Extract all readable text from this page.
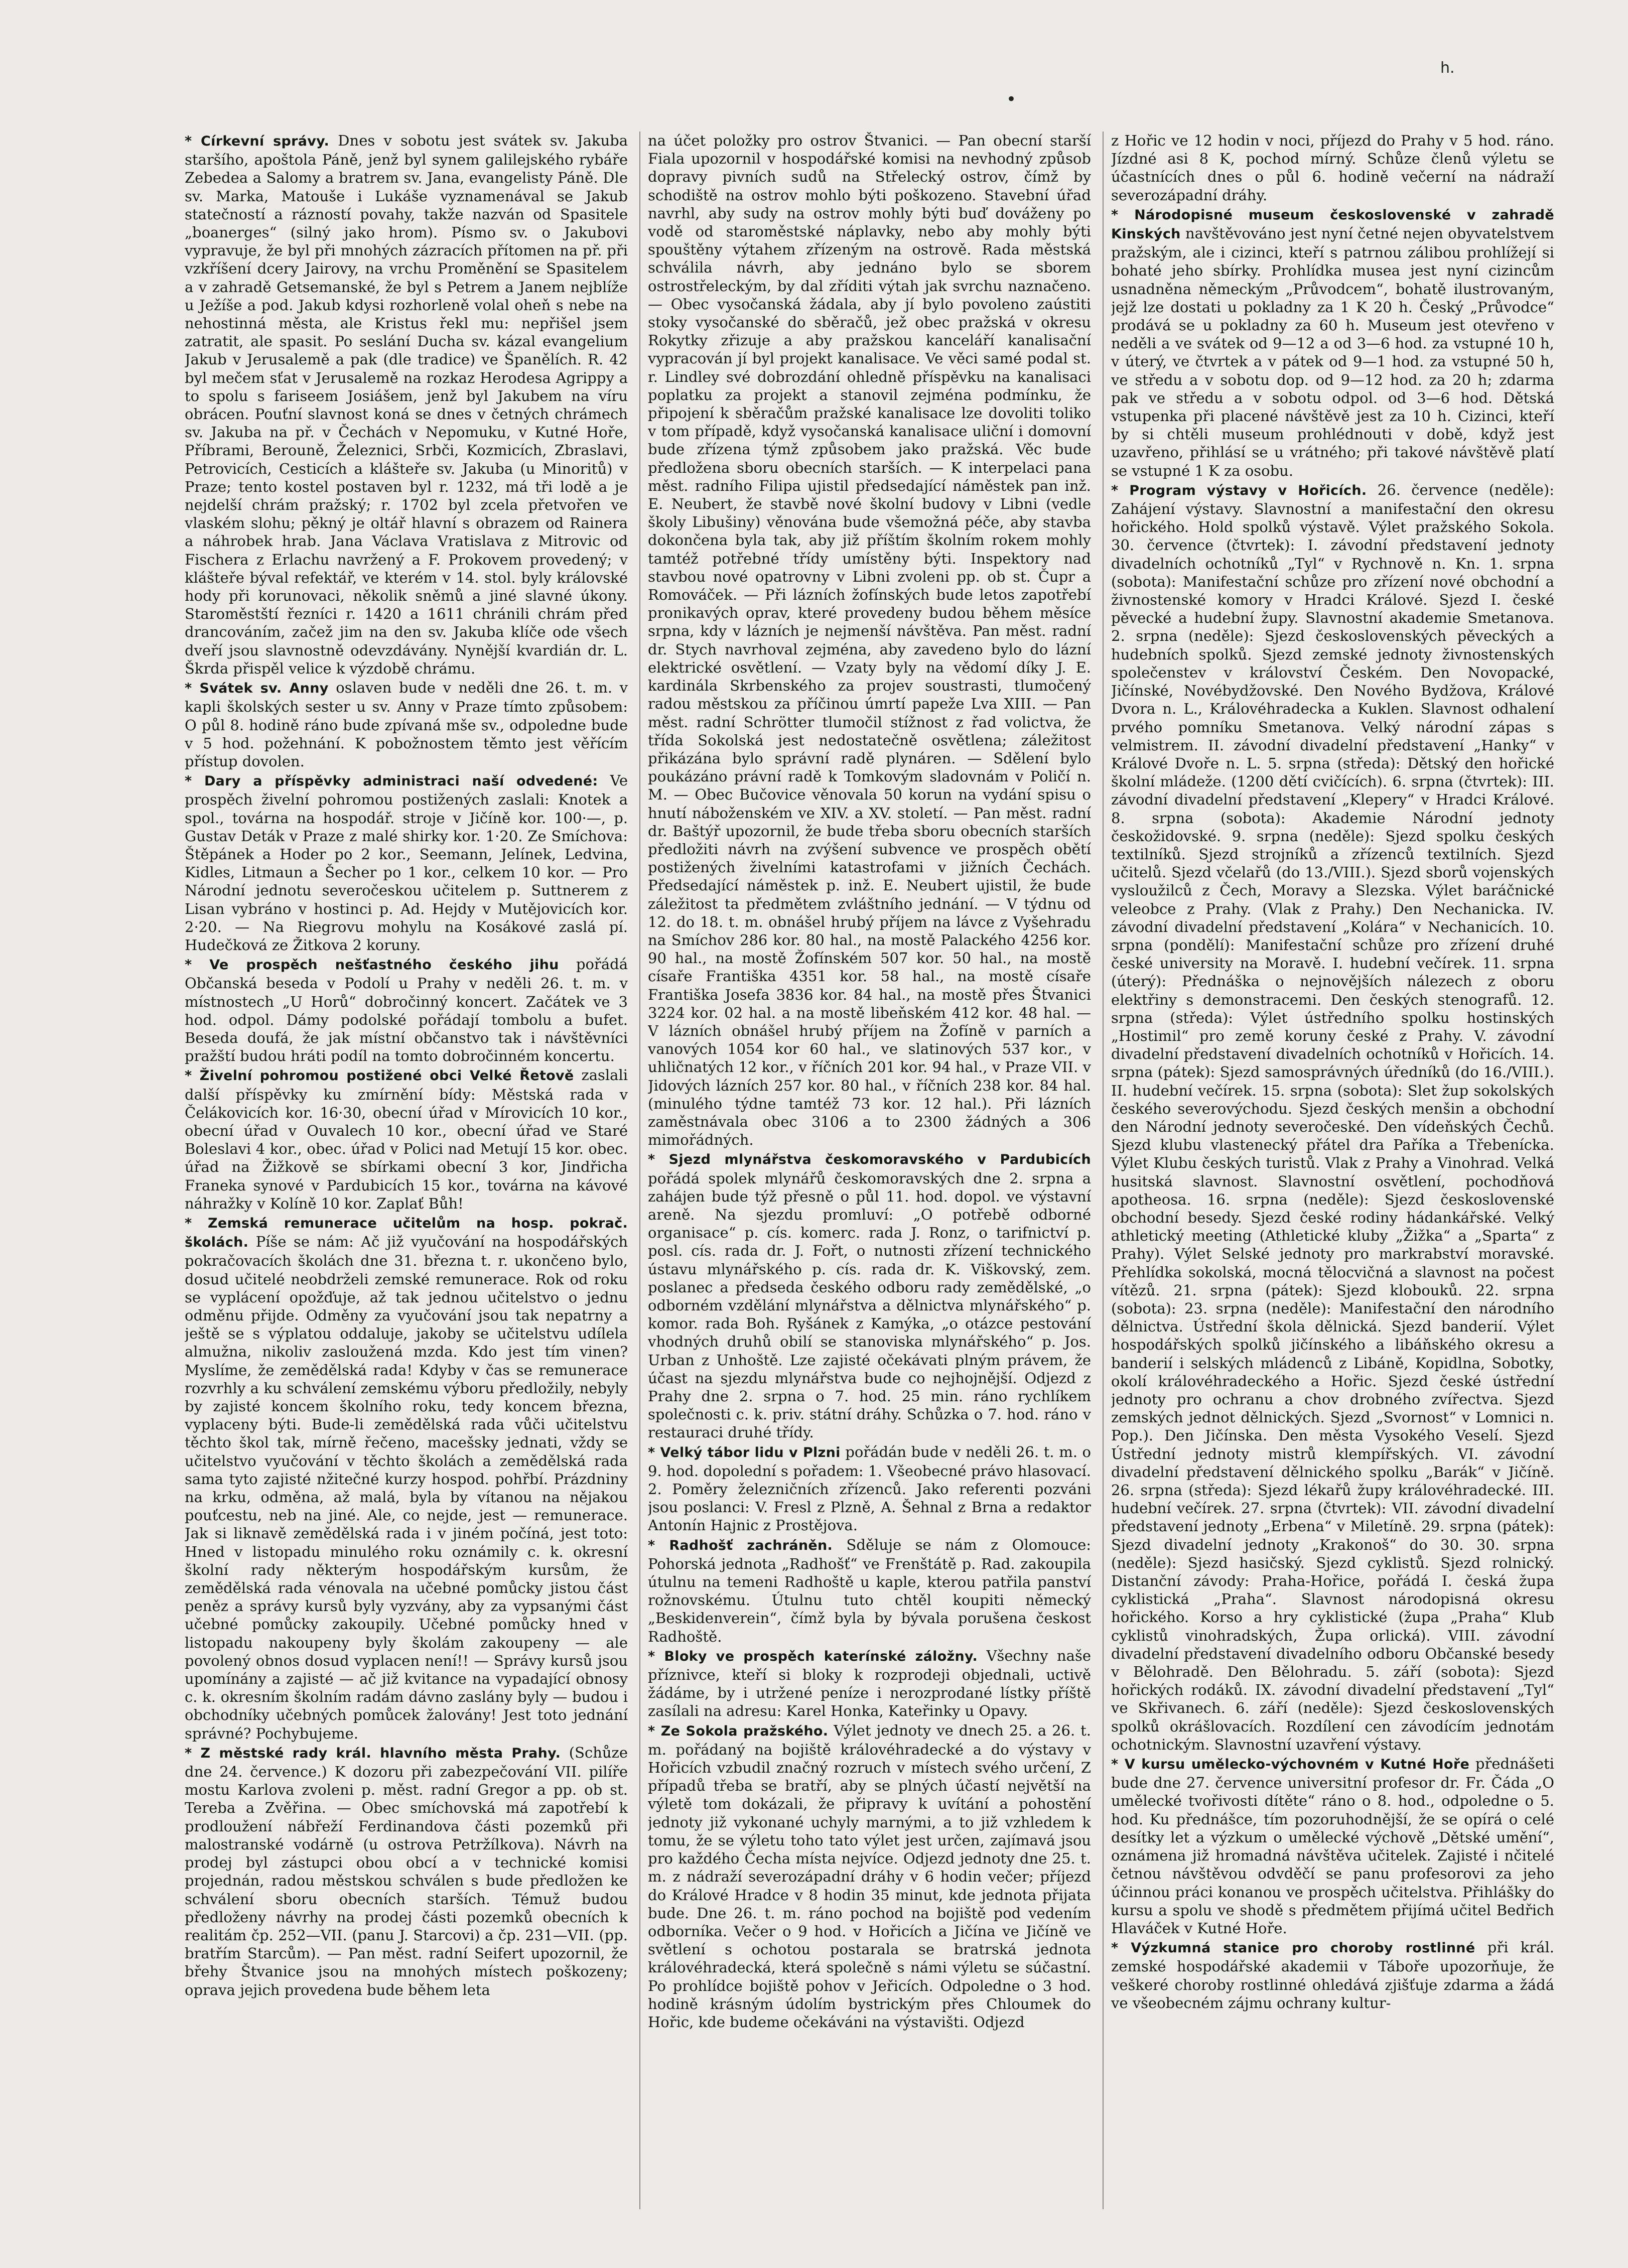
•
h.

* Církevní správy. Dnes v sobotu jest svátek sv. Jakuba staršího, apoštola Páně, jenž byl synem galilejského rybáře Zebedea a Salomy a bratrem sv. Jana, evangelisty Páně. Dle sv. Marka, Matouše i Lukáše vyznamenával se Jakub statečností a rázností povahy, takže nazván od Spasitele „boanerges“ (silný jako hrom). Písmo sv. o Jakubovi vypravuje, že byl při mnohých zázracích přítomen na př. při vzkříšení dcery Jairovy, na vrchu Proměnění se Spasitelem a v zahradě Getsemanské, že byl s Petrem a Janem nejblíže u Ježíše a pod. Jakub kdysi rozhorleně volal oheň s nebe na nehostinná města, ale Kristus řekl mu: nepřišel jsem zatratit, ale spasit. Po seslání Ducha sv. kázal evangelium Jakub v Jerusalemě a pak (dle tradice) ve Španělích. R. 42 byl mečem sťat v Jerusalemě na rozkaz Herodesa Agrippy a to spolu s fariseem Josiášem, jenž byl Jakubem na víru obrácen. Pouťní slavnost koná se dnes v četných chrámech sv. Jakuba na př. v Čechách v Nepomuku, v Kutné Hoře, Příbrami, Berouně, Železnici, Srbči, Kozmicích, Zbraslavi, Petrovicích, Cesticích a klášteře sv. Jakuba (u Minoritů) v Praze; tento kostel postaven byl r. 1232, má tři lodě a je nejdelší chrám pražský; r. 1702 byl zcela přetvořen ve vlaském slohu; pěkný je oltář hlavní s obrazem od Rainera a náhrobek hrab. Jana Václava Vratislava z Mitrovic od Fischera z Erlachu navržený a F. Prokovem provedený; v klášteře býval refektář, ve kterém v 14. stol. byly královské hody při korunovaci, několik sněmů a jiné slavné úkony. Staroměstští řezníci r. 1420 a 1611 chránili chrám před drancováním, začež jim na den sv. Jakuba klíče ode všech dveří jsou slavnostně odevzdávány. Nynější kvardián dr. L. Škrda přispěl velice k výzdobě chrámu.

* Svátek sv. Anny oslaven bude v neděli dne 26. t. m. v kapli školských sester u sv. Anny v Praze tímto způsobem: O půl 8. hodině ráno bude zpívaná mše sv., odpoledne bude v 5 hod. požehnání. K pobožnostem těmto jest věřícím přístup dovolen.

* Dary a příspěvky administraci naší odvedené: Ve prospěch živelní pohromou postižených zaslali: Knotek a spol., továrna na hospodář. stroje v Jičíně kor. 100·—, p. Gustav Deták v Praze z malé shirky kor. 1·20. Ze Smíchova: Štěpánek a Hoder po 2 kor., Seemann, Jelínek, Ledvina, Kidles, Litmaun a Šecher po 1 kor., celkem 10 kor. — Pro Národní jednotu severočeskou učitelem p. Suttnerem z Lisan vybráno v hostinci p. Ad. Hejdy v Mutějovicích kor. 2·20. — Na Riegrovu mohylu na Kosákové zaslá pí. Hudečková ze Žitkova 2 koruny.

* Ve prospěch nešťastného českého jihu pořádá Občanská beseda v Podolí u Prahy v neděli 26. t. m. v místnostech „U Horů“ dobročinný koncert. Začátek ve 3 hod. odpol. Dámy podolské pořádají tombolu a bufet. Beseda doufá, že jak místní občanstvo tak i návštěvníci pražští budou hráti podíl na tomto dobročinném koncertu.

* Živelní pohromou postižené obci Velké Řetově zaslali další příspěvky ku zmírnění bídy: Městská rada v Čelákovicích kor. 16·30, obecní úřad v Mírovicích 10 kor., obecní úřad v Ouvalech 10 kor., obecní úřad ve Staré Boleslavi 4 kor., obec. úřad v Polici nad Metují 15 kor. obec. úřad na Žižkově se sbírkami obecní 3 kor, Jindřicha Franeka synové v Pardubicích 15 kor., továrna na kávové náhražky v Kolíně 10 kor. Zaplať Bůh!

* Zemská remunerace učitelům na hosp. pokrač. školách. Píše se nám: Ač již vyučování na hospodářských pokračovacích školách dne 31. března t. r. ukončeno bylo, dosud učitelé neobdrželi zemské remunerace. Rok od roku se vyplácení opožďuje, až tak jednou učitelstvo o jednu odměnu přijde. Odměny za vyučování jsou tak nepatrny a ještě se s výplatou oddaluje, jakoby se učitelstvu udílela almužna, nikoliv zasloužená mzda. Kdo jest tím vinen? Myslíme, že zemědělská rada! Kdyby v čas se remunerace rozvrhly a ku schválení zemskému výboru předložily, nebyly by zajisté koncem školního roku, tedy koncem března, vyplaceny býti. Bude-li zemědělská rada vůči učitelstvu těchto škol tak, mírně řečeno, macešsky jednati, vždy se učitelstvo vyučování v těchto školách a zemědělská rada sama tyto zajisté nžitečné kurzy hospod. pohřbí. Prázdniny na krku, odměna, až malá, byla by vítanou na nějakou pouťcestu, neb na jiné. Ale, co nejde, jest — remunerace. Jak si liknavě zemědělská rada i v jiném počíná, jest toto: Hned v listopadu minulého roku oznámily c. k. okresní školní rady některým hospodářským kursům, že zemědělská rada vénovala na učebné pomůcky jistou část peněz a správy kursů byly vyzvány, aby za vypsanými část učebné pomůcky zakoupily. Učebné pomůcky hned v listopadu nakoupeny byly školám zakoupeny — ale povolený obnos dosud vyplacen není!! — Správy kursů jsou upomínány a zajisté — ač již kvitance na vypadající obnosy c. k. okresním školním radám dávno zaslány byly — budou i obchodníky učebných pomůcek žalovány! Jest toto jednání správné? Pochybujeme.

* Z městské rady král. hlavního města Prahy. (Schůze dne 24. července.) K dozoru při zabezpečování VII. pilíře mostu Karlova zvoleni p. měst. radní Gregor a pp. ob st. Tereba a Zvěřina. — Obec smíchovská má zapotřebí k prodloužení nábřeží Ferdinandova části pozemků při malostranské vodárně (u ostrova Petržílkova). Návrh na prodej byl zástupci obou obcí a v technické komisi projednán, radou městskou schválen s bude předložen ke schválení sboru obecních starších. Témuž budou předloženy návrhy na prodej části pozemků obecních k realitám čp. 252—VII. (panu J. Starcovi) a čp. 231—VII. (pp. bratřím Starcům). — Pan měst. radní Seifert upozornil, že břehy Štvanice jsou na mnohých místech poškozeny; oprava jejich provedena bude během leta

na účet položky pro ostrov Štvanici. — Pan obecní starší Fiala upozornil v hospodářské komisi na nevhodný způsob dopravy pivních sudů na Střelecký ostrov, čímž by schodiště na ostrov mohlo býti poškozeno. Stavební úřad navrhl, aby sudy na ostrov mohly býti buď dováženy po vodě od staroměstské náplavky, nebo aby mohly býti spouštěny výtahem zřízeným na ostrově. Rada městská schválila návrh, aby jednáno bylo se sborem ostrostřeleckým, by dal zříditi výtah jak svrchu naznačeno. — Obec vysočanská žádala, aby jí bylo povoleno zaústiti stoky vysočanské do sběračů, jež obec pražská v okresu Rokytky zřizuje a aby pražskou kanceláří kanalisační vypracován jí byl projekt kanalisace. Ve věci samé podal st. r. Lindley své dobrozdání ohledně příspěvku na kanalisaci poplatku za projekt a stanovil zejména podmínku, že připojení k sběračům pražské kanalisace lze dovoliti toliko v tom případě, když vysočanská kanalisace uliční i domovní bude zřízena týmž způsobem jako pražská. Věc bude předložena sboru obecních starších. — K interpelaci pana měst. radního Filipa ujistil předsedající náměstek pan inž. E. Neubert, že stavbě nové školní budovy v Libni (vedle školy Libušiny) věnována bude všemožná péče, aby stavba dokončena byla tak, aby již příštím školním rokem mohly tamtéž potřebné třídy umístěny býti. Inspektory nad stavbou nové opatrovny v Libni zvoleni pp. ob st. Čupr a Romováček. — Při lázních žofínských bude letos zapotřebí pronikavých oprav, které provedeny budou během měsíce srpna, kdy v lázních je nejmenší návštěva. Pan měst. radní dr. Stych navrhoval zejména, aby zavedeno bylo do lázní elektrické osvětlení. — Vzaty byly na vědomí díky J. E. kardinála Skrbenského za projev soustrasti, tlumočený radou městskou za příčinou úmrtí papeže Lva XIII. — Pan měst. radní Schrötter tlumočil stížnost z řad volictva, že třída Sokolská jest nedostatečně osvětlena; záležitost přikázána bylo správní radě plynáren. — Sdělení bylo poukázáno právní radě k Tomkovým sladovnám v Poličí n. M. — Obec Bučovice věnovala 50 korun na vydání spisu o hnutí náboženském ve XIV. a XV. století. — Pan měst. radní dr. Baštýř upozornil, že bude třeba sboru obecních starších předložiti návrh na zvýšení subvence ve prospěch obětí postižených živelními katastrofami v jižních Čechách. Předsedající náměstek p. inž. E. Neubert ujistil, že bude záležitost ta předmětem zvláštního jednání. — V týdnu od 12. do 18. t. m. obnášel hrubý příjem na lávce z Vyšehradu na Smíchov 286 kor. 80 hal., na mostě Palackého 4256 kor. 90 hal., na mostě Žofínském 507 kor. 50 hal., na mostě císaře Františka 4351 kor. 58 hal., na mostě císaře Františka Josefa 3836 kor. 84 hal., na mostě přes Štvanici 3224 kor. 02 hal. a na mostě libeňském 412 kor. 48 hal. — V lázních obnášel hrubý příjem na Žofíně v parních a vanových 1054 kor 60 hal., ve slatinových 537 kor., v uhličnatých 12 kor., v říčních 201 kor. 94 hal., v Praze VII. v Jidových lázních 257 kor. 80 hal., v říčních 238 kor. 84 hal. (minulého týdne tamtéž 73 kor. 12 hal.). Při lázních zaměstnávala obec 3106 a to 2300 žádných a 306 mimořádných.

* Sjezd mlynářstva českomoravského v Pardubicích pořádá spolek mlynářů českomoravských dne 2. srpna a zahájen bude týž přesně o půl 11. hod. dopol. ve výstavní areně. Na sjezdu promluví: „O potřebě odborné organisace“ p. cís. komerc. rada J. Ronz, o tarifnictví p. posl. cís. rada dr. J. Fořt, o nutnosti zřízení technického ústavu mlynářského p. cís. rada dr. K. Viškovský, zem. poslanec a předseda českého odboru rady zemědělské, „o odborném vzdělání mlynářstva a dělnictva mlynářského“ p. komor. rada Boh. Ryšánek z Kamýka, „o otázce pestování vhodných druhů obilí se stanoviska mlynářského“ p. Jos. Urban z Unhoště. Lze zajisté očekávati plným právem, že účast na sjezdu mlynářstva bude co nejhojnější. Odjezd z Prahy dne 2. srpna o 7. hod. 25 min. ráno rychlíkem společnosti c. k. priv. státní dráhy. Schůzka o 7. hod. ráno v restauraci druhé třídy.

* Velký tábor lidu v Plzni pořádán bude v neděli 26. t. m. o 9. hod. dopolední s pořadem: 1. Všeobecné právo hlasovací. 2. Poměry železničních zřízenců. Jako referenti pozváni jsou poslanci: V. Fresl z Plzně, A. Šehnal z Brna a redaktor Antonín Hajnic z Prostějova.

* Radhošť zachráněn. Sděluje se nám z Olomouce: Pohorská jednota „Radhošť“ ve Frenštátě p. Rad. zakoupila útulnu na temeni Radhoště u kaple, kterou patřila panství rožnovskému. Útulnu tuto chtěl koupiti německý „Beskidenverein“, čímž byla by bývala porušena českost Radhoště.

* Bloky ve prospěch katerínské záložny. Všechny naše příznivce, kteří si bloky k rozprodeji objednali, uctivě žádáme, by i utržené peníze i nerozprodané lístky příště zasílali na adresu: Karel Honka, Kateřinky u Opavy.

* Ze Sokola pražského. Výlet jednoty ve dnech 25. a 26. t. m. pořádaný na bojiště královéhradecké a do výstavy v Hořicích vzbudil značný rozruch v místech svého určení, Z případů třeba se bratří, aby se plných účastí největší na výletě tom dokázali, že připravy k uvítání a pohostění jednoty již vykonané uchyly marnými, a to již vzhledem k tomu, že se výletu toho tato výlet jest určen, zajímavá jsou pro každého Čecha místa nejvíce. Odjezd jednoty dne 25. t. m. z nádraží severozápadní dráhy v 6 hodin večer; příjezd do Králové Hradce v 8 hodin 35 minut, kde jednota přijata bude. Dne 26. t. m. ráno pochod na bojiště pod vedením odborníka. Večer o 9 hod. v Hořicích a Jičína ve Jičíně ve světlení s ochotou postarala se bratrská jednota královéhradecká, která společně s námi výletu se súčastní. Po prohlídce bojiště pohov v Jeřicích. Odpoledne o 3 hod. hodině krásným údolím bystrickým přes Chloumek do Hořic, kde budeme očekáváni na výstavišti. Odjezd

z Hořic ve 12 hodin v noci, příjezd do Prahy v 5 hod. ráno. Jízdné asi 8 K, pochod mírný. Schůze členů výletu se účastnících dnes o půl 6. hodině večerní na nádraží severozápadní dráhy.

* Národopisné museum československé v zahradě Kinských navštěvováno jest nyní četné nejen obyvatelstvem pražským, ale i cizinci, kteří s patrnou zálibou prohlížejí si bohaté jeho sbírky. Prohlídka musea jest nyní cizincům usnadněna německým „Průvodcem“, bohatě ilustrovaným, jejž lze dostati u pokladny za 1 K 20 h. Český „Průvodce“ prodává se u pokladny za 60 h. Museum jest otevřeno v neděli a ve svátek od 9—12 a od 3—6 hod. za vstupné 10 h, v úterý, ve čtvrtek a v pátek od 9—1 hod. za vstupné 50 h, ve středu a v sobotu dop. od 9—12 hod. za 20 h; zdarma pak ve středu a v sobotu odpol. od 3—6 hod. Dětská vstupenka při placené návštěvě jest za 10 h. Cizinci, kteří by si chtěli museum prohlédnouti v době, když jest uzavřeno, přihlásí se u vrátného; při takové návštěvě platí se vstupné 1 K za osobu.

* Program výstavy v Hořicích. 26. července (neděle): Zahájení výstavy. Slavnostní a manifestační den okresu hořického. Hold spolků výstavě. Výlet pražského Sokola. 30. července (čtvrtek): I. závodní představení jednoty divadelních ochotníků „Tyl“ v Rychnově n. Kn. 1. srpna (sobota): Manifestační schůze pro zřízení nové obchodní a živnostenské komory v Hradci Králové. Sjezd I. české pěvecké a hudební župy. Slavnostní akademie Smetanova. 2. srpna (neděle): Sjezd československých pěveckých a hudebních spolků. Sjezd zemské jednoty živnostenských společenstev v království Českém. Den Novopacké, Jičínské, Novébydžovské. Den Nového Bydžova, Králové Dvora n. L., Královéhradecka a Kuklen. Slavnost odhalení prvého pomníku Smetanova. Velký národní zápas s velmistrem. II. závodní divadelní představení „Hanky“ v Králové Dvoře n. L. 5. srpna (středa): Dětský den hořické školní mládeže. (1200 dětí cvičících). 6. srpna (čtvrtek): III. závodní divadelní představení „Klepery“ v Hradci Králové. 8. srpna (sobota): Akademie Národní jednoty českožidovské. 9. srpna (neděle): Sjezd spolku českých textilníků. Sjezd strojníků a zřízenců textilních. Sjezd učitelů. Sjezd včelařů (do 13./VIII.). Sjezd sborů vojenských vysloužilců z Čech, Moravy a Slezska. Výlet baráčnické veleobce z Prahy. (Vlak z Prahy.) Den Nechanicka. IV. závodní divadelní představení „Kolára“ v Nechanicích. 10. srpna (pondělí): Manifestační schůze pro zřízení druhé české university na Moravě. I. hudební večírek. 11. srpna (úterý): Přednáška o nejnovějších nálezech z oboru elektřiny s demonstracemi. Den českých stenografů. 12. srpna (středa): Výlet ústředního spolku hostinských „Hostimil“ pro země koruny české z Prahy. V. závodní divadelní představení divadelních ochotníků v Hořicích. 14. srpna (pátek): Sjezd samosprávných úředníků (do 16./VIII.). II. hudební večírek. 15. srpna (sobota): Slet žup sokolských českého severovýchodu. Sjezd českých menšin a obchodní den Národní jednoty severočeské. Den vídeňských Čechů. Sjezd klubu vlastenecký přátel dra Paříka a Třebenícka. Výlet Klubu českých turistů. Vlak z Prahy a Vinohrad. Velká husitská slavnost. Slavnostní osvětlení, pochodňová apotheosa. 16. srpna (neděle): Sjezd československé obchodní besedy. Sjezd české rodiny hádankářské. Velký athletický meeting (Athletické kluby „Žižka“ a „Sparta“ z Prahy). Výlet Selské jednoty pro markrabství moravské. Přehlídka sokolská, mocná tělocvičná a slavnost na počest vítězů. 21. srpna (pátek): Sjezd klobouků. 22. srpna (sobota): 23. srpna (neděle): Manifestační den národního dělnictva. Ústřední škola dělnická. Sjezd banderií. Výlet hospodářských spolků jičínského a libáňského okresu a banderií i selských mládenců z Libáně, Kopidlna, Sobotky, okolí královéhradeckého a Hořic. Sjezd české ústřední jednoty pro ochranu a chov drobného zvířectva. Sjezd zemských jednot dělnických. Sjezd „Svornost“ v Lomnici n. Pop.). Den Jičínska. Den města Vysokého Veselí. Sjezd Ústřední jednoty mistrů klempířských. VI. závodní divadelní představení dělnického spolku „Barák“ v Jičíně. 26. srpna (středa): Sjezd lékařů župy královéhradecké. III. hudební večírek. 27. srpna (čtvrtek): VII. závodní divadelní představení jednoty „Erbena“ v Miletíně. 29. srpna (pátek): Sjezd divadelní jednoty „Krakonoš“ do 30. 30. srpna (neděle): Sjezd hasičský. Sjezd cyklistů. Sjezd rolnický. Distanční závody: Praha-Hořice, pořádá I. česká župa cyklistická „Praha“. Slavnost národopisná okresu hořického. Korso a hry cyklistické (župa „Praha“ Klub cyklistů vinohradských, Župa orlická). VIII. závodní divadelní představení divadelního odboru Občanské besedy v Bělohradě. Den Bělohradu. 5. září (sobota): Sjezd hořických rodáků. IX. závodní divadelní představení „Tyl“ ve Skřivanech. 6. září (neděle): Sjezd československých spolků okrášlovacích. Rozdílení cen závodícím jednotám ochotnickým. Slavnostní uzavření výstavy.

* V kursu umělecko-výchovném v Kutné Hoře přednášeti bude dne 27. července universitní profesor dr. Fr. Čáda „O umělecké tvořivosti dítěte“ ráno o 8. hod., odpoledne o 5. hod. Ku přednášce, tím pozoruhodnější, že se opírá o celé desítky let a výzkum o umělecké výchově „Dětské umění“, oznámena již hromadná návštěva učitelek. Zajisté i nčitelé četnou návštěvou odvděčí se panu profesorovi za jeho účinnou práci konanou ve prospěch učitelstva. Přihlášky do kursu a spolu ve shodě s předmětem přijímá učitel Bedřich Hlaváček v Kutné Hoře.

* Výzkumná stanice pro choroby rostlinné při král. zemské hospodářské akademii v Táboře upozorňuje, že veškeré choroby rostlinné ohledává zjišťuje zdarma a žádá ve všeobecném zájmu ochrany kultur-
